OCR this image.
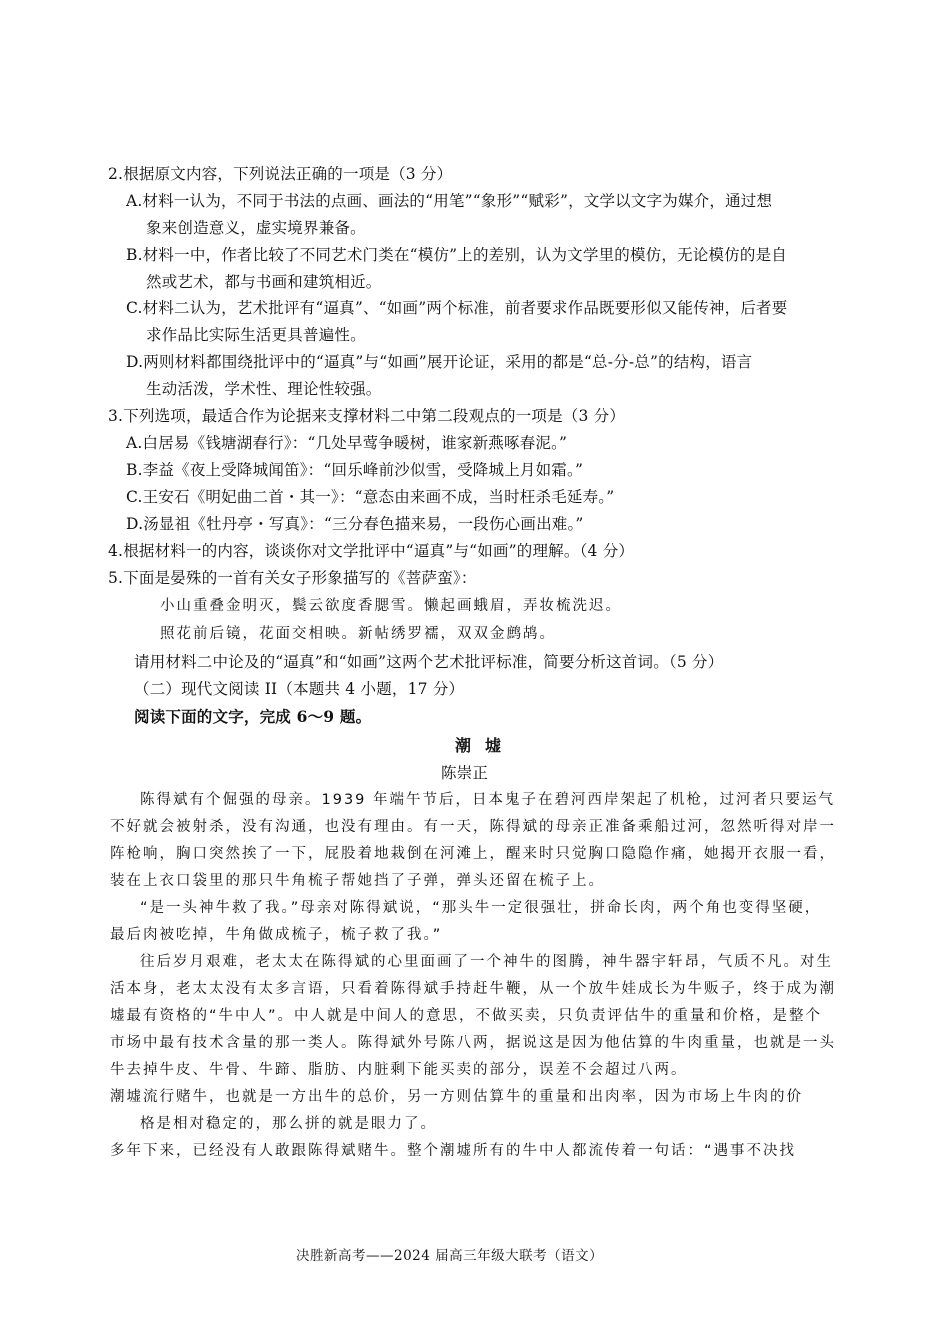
2.根据原文内容，下列说法正确的一项是（3 分）
A.材料一认为，不同于书法的点画、画法的“用笔”“象形”“赋彩”，文学以文字为媒介，通过想
象来创造意义，虚实境界兼备。
B.材料一中，作者比较了不同艺术门类在“模仿”上的差别，认为文学里的模仿，无论模仿的是自
然或艺术，都与书画和建筑相近。
C.材料二认为，艺术批评有“逼真”、“如画”两个标准，前者要求作品既要形似又能传神，后者要
求作品比实际生活更具普遍性。
D.两则材料都围绕批评中的“逼真”与“如画”展开论证，采用的都是“总-分-总”的结构，语言
生动活泼，学术性、理论性较强。
3.下列选项，最适合作为论据来支撑材料二中第二段观点的一项是（3 分）
A.白居易《钱塘湖春行》：“几处早莺争暖树，谁家新燕啄春泥。”
B.李益《夜上受降城闻笛》：“回乐峰前沙似雪，受降城上月如霜。”
C.王安石《明妃曲二首・其一》：“意态由来画不成，当时枉杀毛延寿。”
D.汤显祖《牡丹亭・写真》：“三分春色描来易，一段伤心画出难。”
4.根据材料一的内容，谈谈你对文学批评中“逼真”与“如画”的理解。（4 分）
5.下面是晏殊的一首有关女子形象描写的《菩萨蛮》：
小山重叠金明灭，鬓云欲度香腮雪。懒起画蛾眉，弄妆梳洗迟。
照花前后镜，花面交相映。新帖绣罗襦，双双金鹧鸪。
请用材料二中论及的“逼真”和“如画”这两个艺术批评标准，简要分析这首词。（5 分）
（二）现代文阅读 II（本题共 4 小题，17 分）
阅读下面的文字，完成 6～9 题。
潮墟
陈崇正
陈得斌有个倔强的母亲。1939 年端午节后，日本鬼子在碧河西岸架起了机枪，过河者只要运气
不好就会被射杀，没有沟通，也没有理由。有一天，陈得斌的母亲正准备乘船过河，忽然听得对岸一
阵枪响，胸口突然挨了一下，屁股着地栽倒在河滩上，醒来时只觉胸口隐隐作痛，她揭开衣服一看，
装在上衣口袋里的那只牛角梳子帮她挡了子弹，弹头还留在梳子上。
“是一头神牛救了我。”母亲对陈得斌说，“那头牛一定很强壮，拼命长肉，两个角也变得坚硬，
最后肉被吃掉，牛角做成梳子，梳子救了我。”
往后岁月艰难，老太太在陈得斌的心里面画了一个神牛的图腾，神牛器宇轩昂，气质不凡。对生
活本身，老太太没有太多言语，只看着陈得斌手持赶牛鞭，从一个放牛娃成长为牛贩子，终于成为潮
墟最有资格的“牛中人”。中人就是中间人的意思，不做买卖，只负责评估牛的重量和价格，是整个
市场中最有技术含量的那一类人。陈得斌外号陈八两，据说这是因为他估算的牛肉重量，也就是一头
牛去掉牛皮、牛骨、牛蹄、脂肪、内脏剩下能买卖的部分，误差不会超过八两。
潮墟流行赌牛，也就是一方出牛的总价，另一方则估算牛的重量和出肉率，因为市场上牛肉的价
格是相对稳定的，那么拼的就是眼力了。
多年下来，已经没有人敢跟陈得斌赌牛。整个潮墟所有的牛中人都流传着一句话：“遇事不决找
决胜新高考——2024 届高三年级大联考（语文）
